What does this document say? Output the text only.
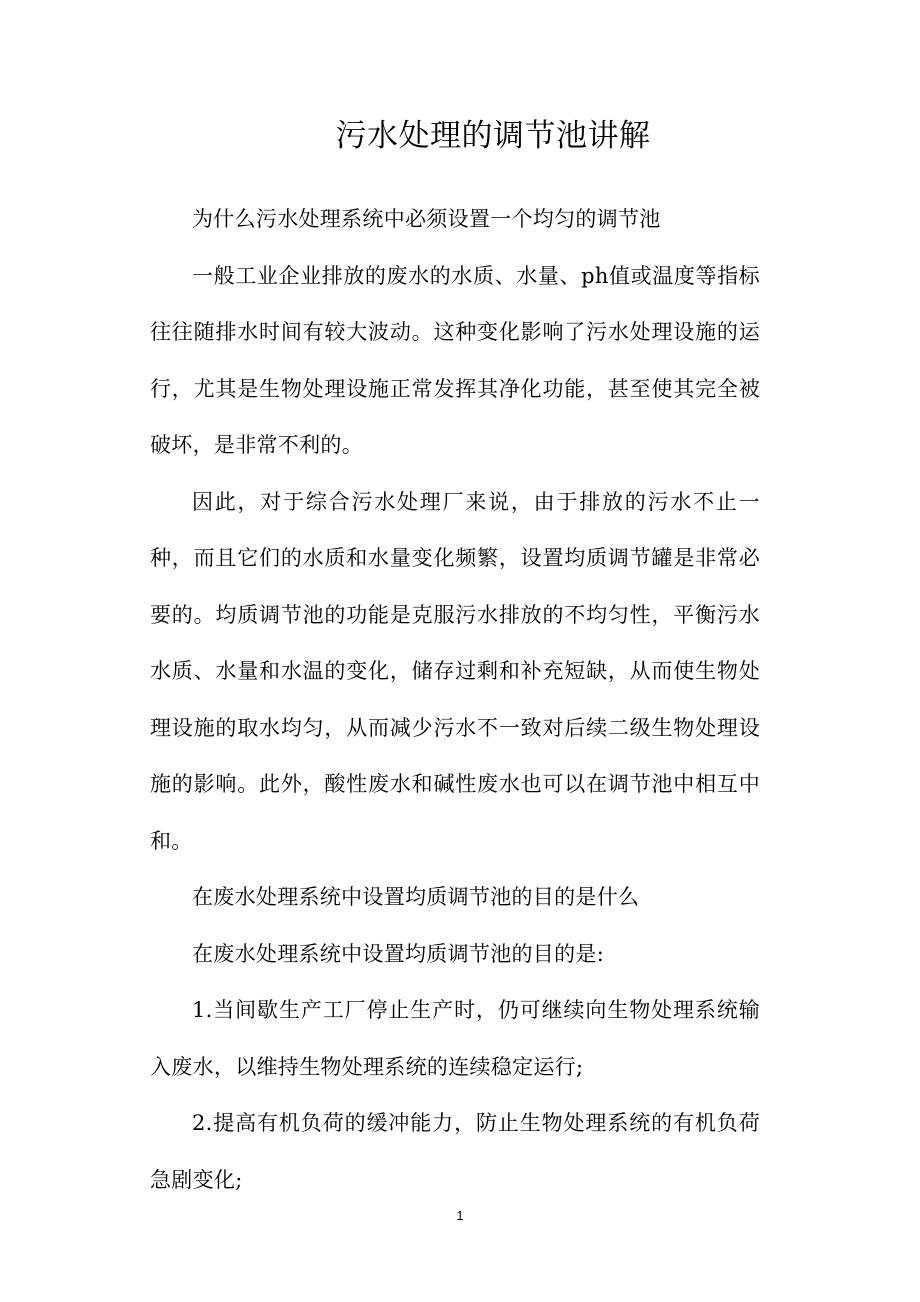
污水处理的调节池讲解

为什么污水处理系统中必须设置一个均匀的调节池

一般工业企业排放的废水的水质、水量、ph值或温度等指标往往随排水时间有较大波动。这种变化影响了污水处理设施的运行，尤其是生物处理设施正常发挥其净化功能，甚至使其完全被破坏，是非常不利的。

因此，对于综合污水处理厂来说，由于排放的污水不止一种，而且它们的水质和水量变化频繁，设置均质调节罐是非常必要的。均质调节池的功能是克服污水排放的不均匀性，平衡污水水质、水量和水温的变化，储存过剩和补充短缺，从而使生物处理设施的取水均匀，从而减少污水不一致对后续二级生物处理设施的影响。此外，酸性废水和碱性废水也可以在调节池中相互中和。

在废水处理系统中设置均质调节池的目的是什么

在废水处理系统中设置均质调节池的目的是:

1.当间歇生产工厂停止生产时，仍可继续向生物处理系统输入废水，以维持生物处理系统的连续稳定运行;

2.提高有机负荷的缓冲能力，防止生物处理系统的有机负荷急剧变化;

1
